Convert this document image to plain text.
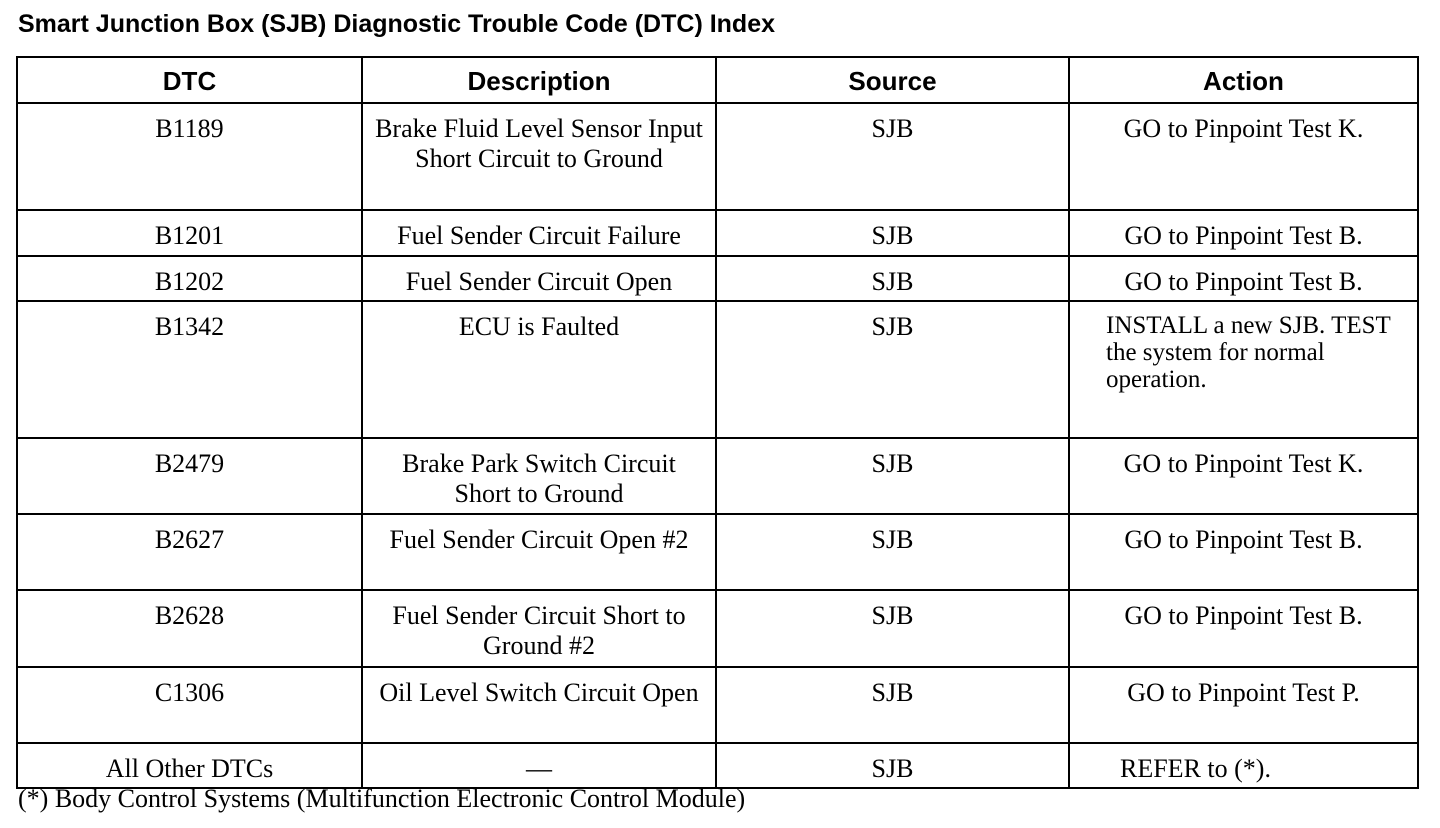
Smart Junction Box (SJB) Diagnostic Trouble Code (DTC) Index
DTC	Description	Source	Action
B1189	Brake Fluid Level Sensor Input Short Circuit to Ground	SJB	GO to Pinpoint Test K.
B1201	Fuel Sender Circuit Failure	SJB	GO to Pinpoint Test B.
B1202	Fuel Sender Circuit Open	SJB	GO to Pinpoint Test B.
B1342	ECU is Faulted	SJB	INSTALL a new SJB. TEST the system for normal operation.
B2479	Brake Park Switch Circuit Short to Ground	SJB	GO to Pinpoint Test K.
B2627	Fuel Sender Circuit Open #2	SJB	GO to Pinpoint Test B.
B2628	Fuel Sender Circuit Short to Ground #2	SJB	GO to Pinpoint Test B.
C1306	Oil Level Switch Circuit Open	SJB	GO to Pinpoint Test P.
All Other DTCs	—	SJB	REFER to (*).
(*) Body Control Systems (Multifunction Electronic Control Module)
